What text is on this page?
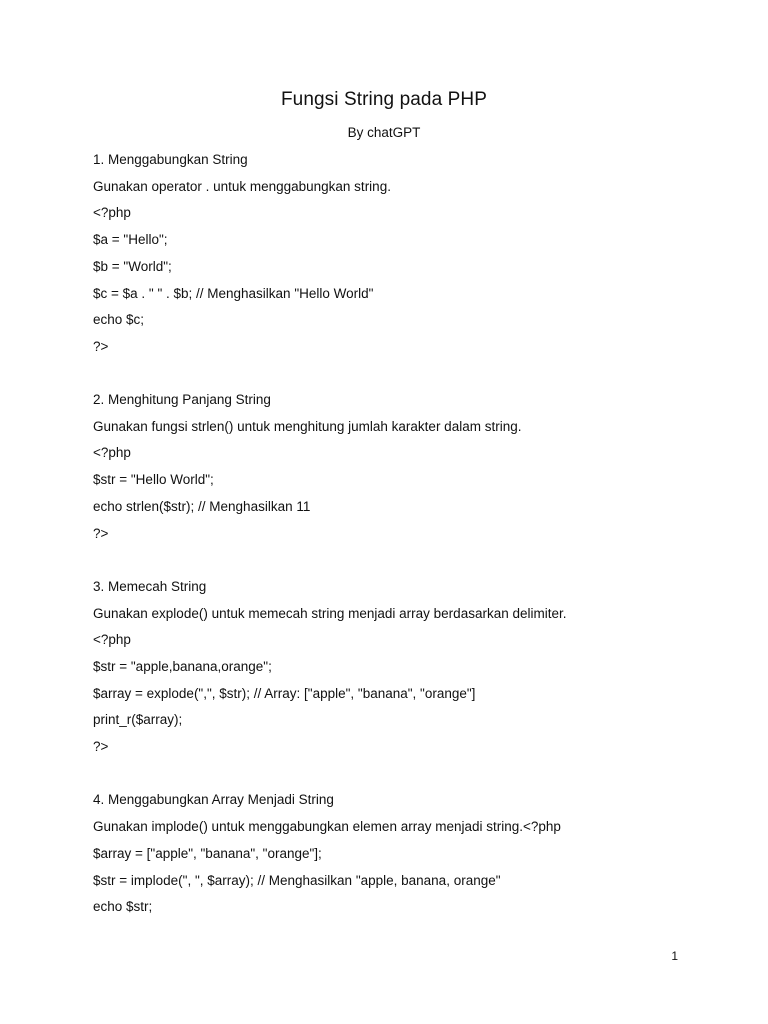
Fungsi String pada PHP
By chatGPT
1. Menggabungkan String
Gunakan operator . untuk menggabungkan string.
<?php
$a = "Hello";
$b = "World";
$c = $a . " " . $b; // Menghasilkan "Hello World"
echo $c;
?>
2. Menghitung Panjang String
Gunakan fungsi strlen() untuk menghitung jumlah karakter dalam string.
<?php
$str = "Hello World";
echo strlen($str); // Menghasilkan 11
?>
3. Memecah String
Gunakan explode() untuk memecah string menjadi array berdasarkan delimiter.
<?php
$str = "apple,banana,orange";
$array = explode(",", $str); // Array: ["apple", "banana", "orange"]
print_r($array);
?>
4. Menggabungkan Array Menjadi String
Gunakan implode() untuk menggabungkan elemen array menjadi string.<?php
$array = ["apple", "banana", "orange"];
$str = implode(", ", $array); // Menghasilkan "apple, banana, orange"
echo $str;
1
